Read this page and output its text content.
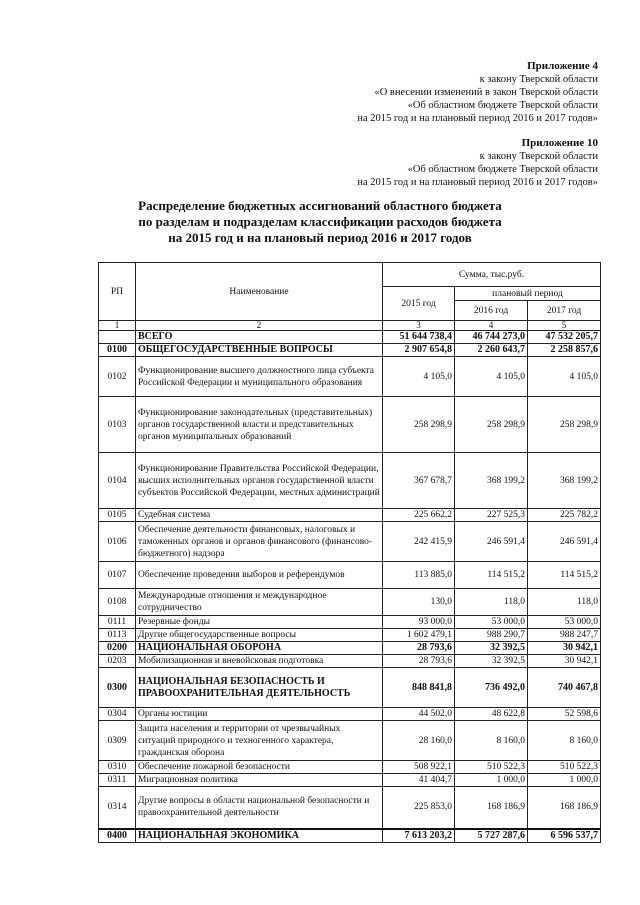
Приложение 4
к закону Тверской области
«О внесении изменений в закон Тверской области
«Об областном бюджете Тверской области
на 2015 год и на плановый период 2016 и 2017 годов»
Приложение 10
к закону Тверской области
«Об областном бюджете Тверской области
на 2015 год и на плановый период 2016 и 2017 годов»
Распределение бюджетных ассигнований областного бюджета
по разделам и подразделам классификации расходов бюджета
на 2015 год и на плановый период 2016 и 2017 годов
РП	Наименование	Сумма, тыс.руб.		
		2015 год	плановый период	
			2016 год	2017 год
1	2	3	4	5
	ВСЕГО	51 644 738,4	46 744 273,0	47 532 205,7
0100	ОБЩЕГОСУДАРСТВЕННЫЕ ВОПРОСЫ	2 907 654,8	2 260 643,7	2 258 857,6
0102	Функционирование высшего должностного лица субъекта Российской Федерации и муниципального образования	4 105,0	4 105,0	4 105,0
0103	Функционирование законодательных (представительных) органов государственной власти и представительных органов муниципальных образований	258 298,9	258 298,9	258 298,9
0104	Функционирование Правительства Российской Федерации, высших исполнительных органов государственной власти субъектов Российской Федерации, местных администраций	367 678,7	368 199,2	368 199,2
0105	Судебная система	225 662,2	227 525,3	225 782,2
0106	Обеспечение деятельности финансовых, налоговых и таможенных органов и органов финансового (финансово-бюджетного) надзора	242 415,9	246 591,4	246 591,4
0107	Обеспечение проведения выборов и референдумов	113 885,0	114 515,2	114 515,2
0108	Международные отношения и международное сотрудничество	130,0	118,0	118,0
0111	Резервные фонды	93 000,0	53 000,0	53 000,0
0113	Другие общегосударственные вопросы	1 602 479,1	988 290,7	988 247,7
0200	НАЦИОНАЛЬНАЯ ОБОРОНА	28 793,6	32 392,5	30 942,1
0203	Мобилизационная и вневойсковая подготовка	28 793,6	32 392,5	30 942,1
0300	НАЦИОНАЛЬНАЯ БЕЗОПАСНОСТЬ И ПРАВООХРАНИТЕЛЬНАЯ ДЕЯТЕЛЬНОСТЬ	848 841,8	736 492,0	740 467,8
0304	Органы юстиции	44 502,0	48 622,8	52 598,6
0309	Защита населения и территории от чрезвычайных ситуаций природного и техногенного характера, гражданская оборона	28 160,0	8 160,0	8 160,0
0310	Обеспечение пожарной безопасности	508 922,1	510 522,3	510 522,3
0311	Миграционная политика	41 404,7	1 000,0	1 000,0
0314	Другие вопросы в области национальной безопасности и правоохранительной деятельности	225 853,0	168 186,9	168 186,9
0400	НАЦИОНАЛЬНАЯ ЭКОНОМИКА	7 613 203,2	5 727 287,6	6 596 537,7
